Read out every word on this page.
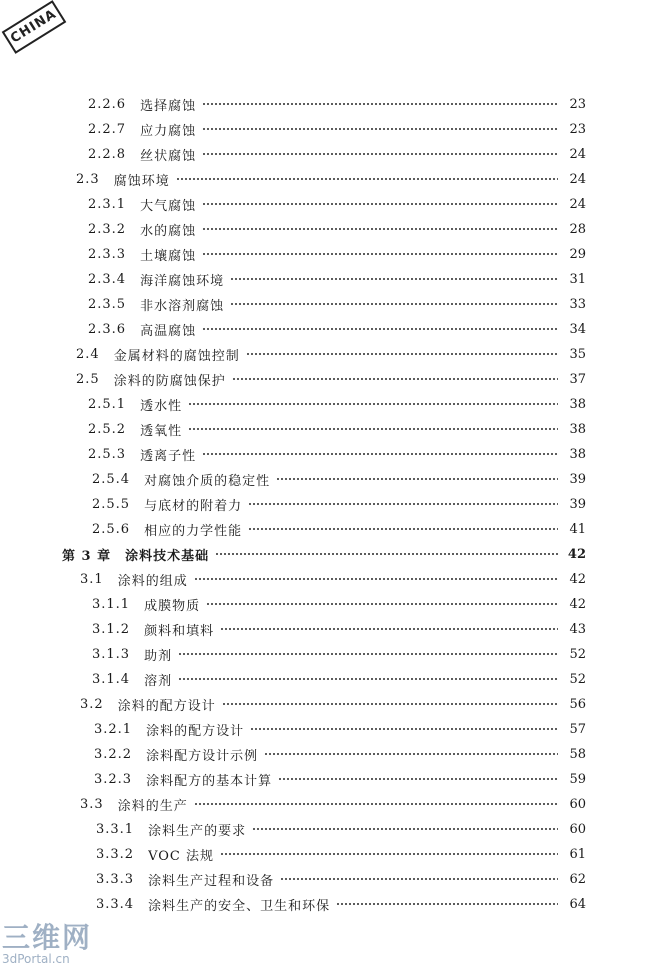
CHINA
2.2.6 选择腐蚀	23
2.2.7 应力腐蚀	23
2.2.8 丝状腐蚀	24
2.3 腐蚀环境	24
2.3.1 大气腐蚀	24
2.3.2 水的腐蚀	28
2.3.3 土壤腐蚀	29
2.3.4 海洋腐蚀环境	31
2.3.5 非水溶剂腐蚀	33
2.3.6 高温腐蚀	34
2.4 金属材料的腐蚀控制	35
2.5 涂料的防腐蚀保护	37
2.5.1 透水性	38
2.5.2 透氧性	38
2.5.3 透离子性	38
2.5.4 对腐蚀介质的稳定性	39
2.5.5 与底材的附着力	39
2.5.6 相应的力学性能	41
第 3 章 涂料技术基础	42
3.1 涂料的组成	42
3.1.1 成膜物质	42
3.1.2 颜料和填料	43
3.1.3 助剂	52
3.1.4 溶剂	52
3.2 涂料的配方设计	56
3.2.1 涂料的配方设计	57
3.2.2 涂料配方设计示例	58
3.2.3 涂料配方的基本计算	59
3.3 涂料的生产	60
3.3.1 涂料生产的要求	60
3.3.2 VOC 法规	61
3.3.3 涂料生产过程和设备	62
3.3.4 涂料生产的安全、卫生和环保	64
三维网
3dPortal.cn
